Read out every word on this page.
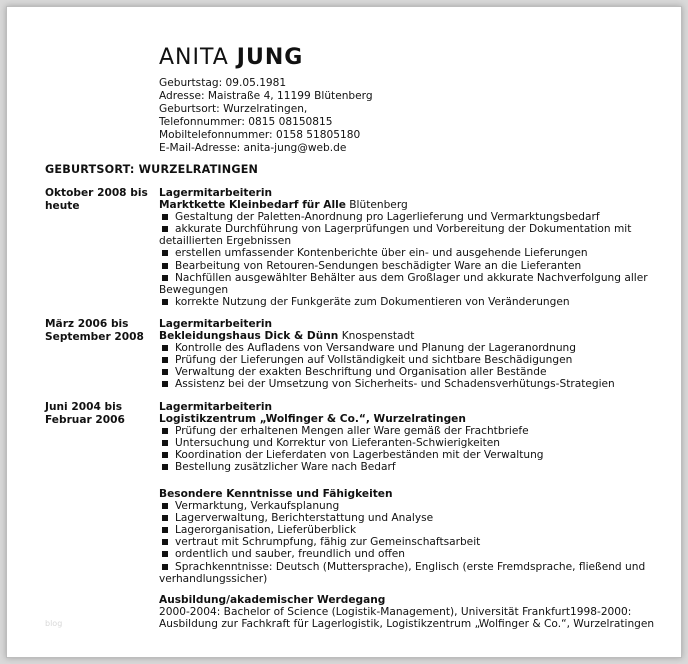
ANITA JUNG
Geburtstag: 09.05.1981
Adresse: Maistraße 4, 11199 Blütenberg
Geburtsort: Wurzelratingen,
Telefonnummer: 0815 08150815
Mobiltelefonnummer: 0158 51805180
E-Mail-Adresse: anita-jung@web.de
GEBURTSORT: WURZELRATINGEN
Oktober 2008 bis heute
Lagermitarbeiterin
Marktkette Kleinbedarf für Alle Blütenberg
Gestaltung der Paletten-Anordnung pro Lagerlieferung und Vermarktungsbedarf
akkurate Durchführung von Lagerprüfungen und Vorbereitung der Dokumentation mit detaillierten Ergebnissen
erstellen umfassender Kontenberichte über ein- und ausgehende Lieferungen
Bearbeitung von Retouren-Sendungen beschädigter Ware an die Lieferanten
Nachfüllen ausgewählter Behälter aus dem Großlager und akkurate Nachverfolgung aller Bewegungen
korrekte Nutzung der Funkgeräte zum Dokumentieren von Veränderungen
März 2006 bis September 2008
Lagermitarbeiterin
Bekleidungshaus Dick & Dünn Knospenstadt
Kontrolle des Aufladens von Versandware und Planung der Lageranordnung
Prüfung der Lieferungen auf Vollständigkeit und sichtbare Beschädigungen
Verwaltung der exakten Beschriftung und Organisation aller Bestände
Assistenz bei der Umsetzung von Sicherheits- und Schadensverhütungs-Strategien
Juni 2004 bis Februar 2006
Lagermitarbeiterin
Logistikzentrum „Wolfinger & Co.“, Wurzelratingen
Prüfung der erhaltenen Mengen aller Ware gemäß der Frachtbriefe
Untersuchung und Korrektur von Lieferanten-Schwierigkeiten
Koordination der Lieferdaten von Lagerbeständen mit der Verwaltung
Bestellung zusätzlicher Ware nach Bedarf
Besondere Kenntnisse und Fähigkeiten
Vermarktung, Verkaufsplanung
Lagerverwaltung, Berichterstattung und Analyse
Lagerorganisation, Lieferüberblick
vertraut mit Schrumpfung, fähig zur Gemeinschaftsarbeit
ordentlich und sauber, freundlich und offen
Sprachkenntnisse: Deutsch (Muttersprache), Englisch (erste Fremdsprache, fließend und verhandlungssicher)
Ausbildung/akademischer Werdegang
2000-2004: Bachelor of Science (Logistik-Management), Universität Frankfurt1998-2000:
Ausbildung zur Fachkraft für Lagerlogistik, Logistikzentrum „Wolfinger & Co.“, Wurzelratingen
blog
